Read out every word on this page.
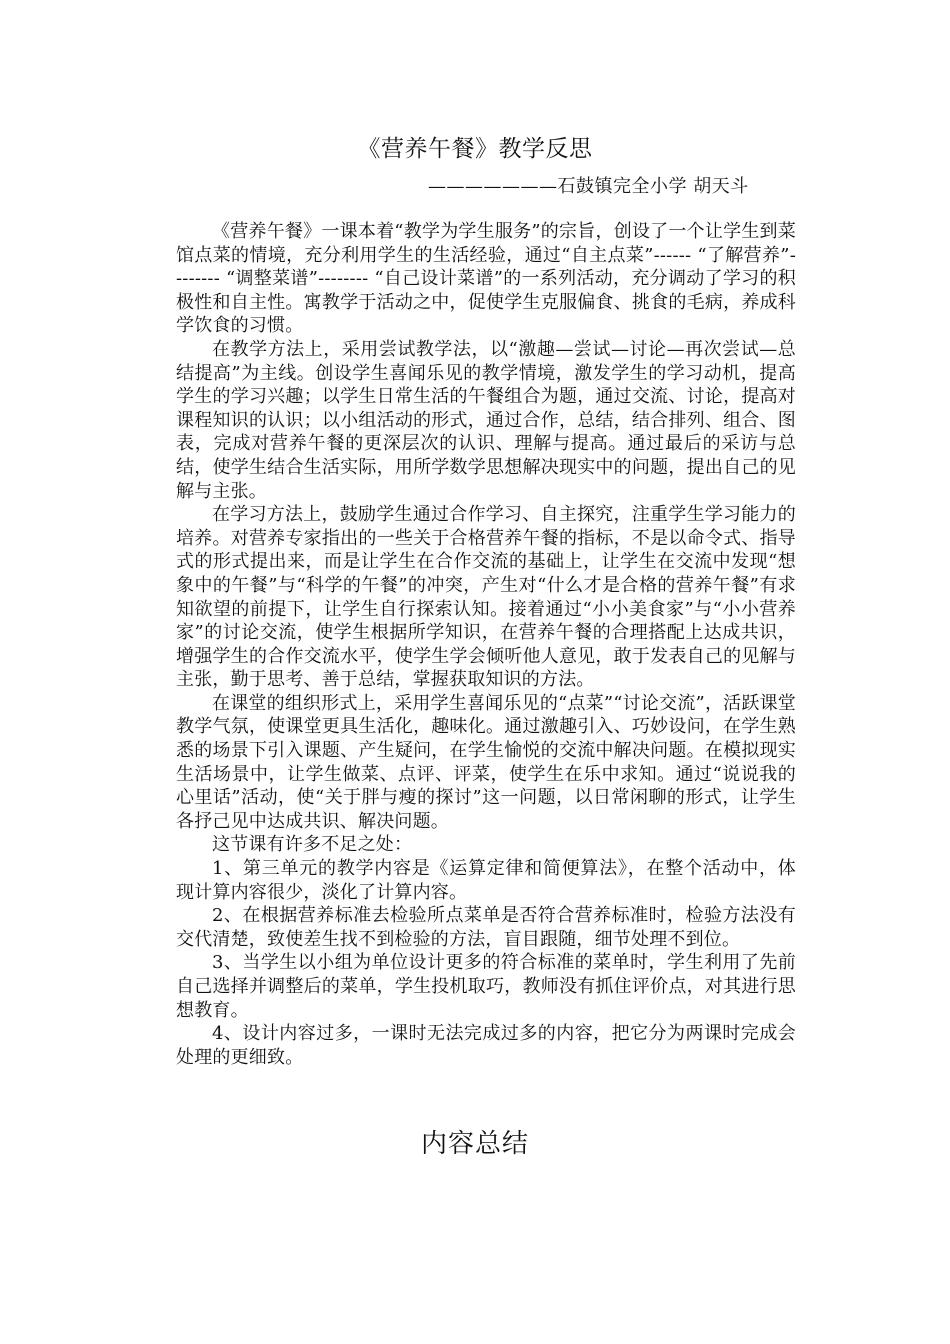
《营养午餐》教学反思
———————石鼓镇完全小学 胡天斗

《营养午餐》一课本着“教学为学生服务”的宗旨，创设了一个让学生到菜馆点菜的情境，充分利用学生的生活经验，通过“自主点菜”------ “了解营养”-------- “调整菜谱”-------- “自己设计菜谱”的一系列活动，充分调动了学习的积极性和自主性。寓教学于活动之中，促使学生克服偏食、挑食的毛病，养成科学饮食的习惯。

在教学方法上，采用尝试教学法，以“激趣—尝试—讨论—再次尝试—总结提高”为主线。创设学生喜闻乐见的教学情境，激发学生的学习动机，提高学生的学习兴趣；以学生日常生活的午餐组合为题，通过交流、讨论，提高对课程知识的认识；以小组活动的形式，通过合作，总结，结合排列、组合、图表，完成对营养午餐的更深层次的认识、理解与提高。通过最后的采访与总结，使学生结合生活实际，用所学数学思想解决现实中的问题，提出自己的见解与主张。

在学习方法上，鼓励学生通过合作学习、自主探究，注重学生学习能力的培养。对营养专家指出的一些关于合格营养午餐的指标，不是以命令式、指导式的形式提出来，而是让学生在合作交流的基础上，让学生在交流中发现“想象中的午餐”与“科学的午餐”的冲突，产生对“什么才是合格的营养午餐”有求知欲望的前提下，让学生自行探索认知。接着通过“小小美食家”与“小小营养家”的讨论交流，使学生根据所学知识，在营养午餐的合理搭配上达成共识，增强学生的合作交流水平，使学生学会倾听他人意见，敢于发表自己的见解与主张，勤于思考、善于总结，掌握获取知识的方法。

在课堂的组织形式上，采用学生喜闻乐见的“点菜”“讨论交流”，活跃课堂教学气氛，使课堂更具生活化，趣味化。通过激趣引入、巧妙设问，在学生熟悉的场景下引入课题、产生疑问，在学生愉悦的交流中解决问题。在模拟现实生活场景中，让学生做菜、点评、评菜，使学生在乐中求知。通过“说说我的心里话”活动，使“关于胖与瘦的探讨”这一问题，以日常闲聊的形式，让学生各抒己见中达成共识、解决问题。

这节课有许多不足之处：

1、第三单元的教学内容是《运算定律和简便算法》，在整个活动中，体现计算内容很少，淡化了计算内容。

2、在根据营养标准去检验所点菜单是否符合营养标准时，检验方法没有交代清楚，致使差生找不到检验的方法，盲目跟随，细节处理不到位。

3、当学生以小组为单位设计更多的符合标准的菜单时，学生利用了先前自己选择并调整后的菜单，学生投机取巧，教师没有抓住评价点，对其进行思想教育。

4、设计内容过多，一课时无法完成过多的内容，把它分为两课时完成会处理的更细致。

内容总结
